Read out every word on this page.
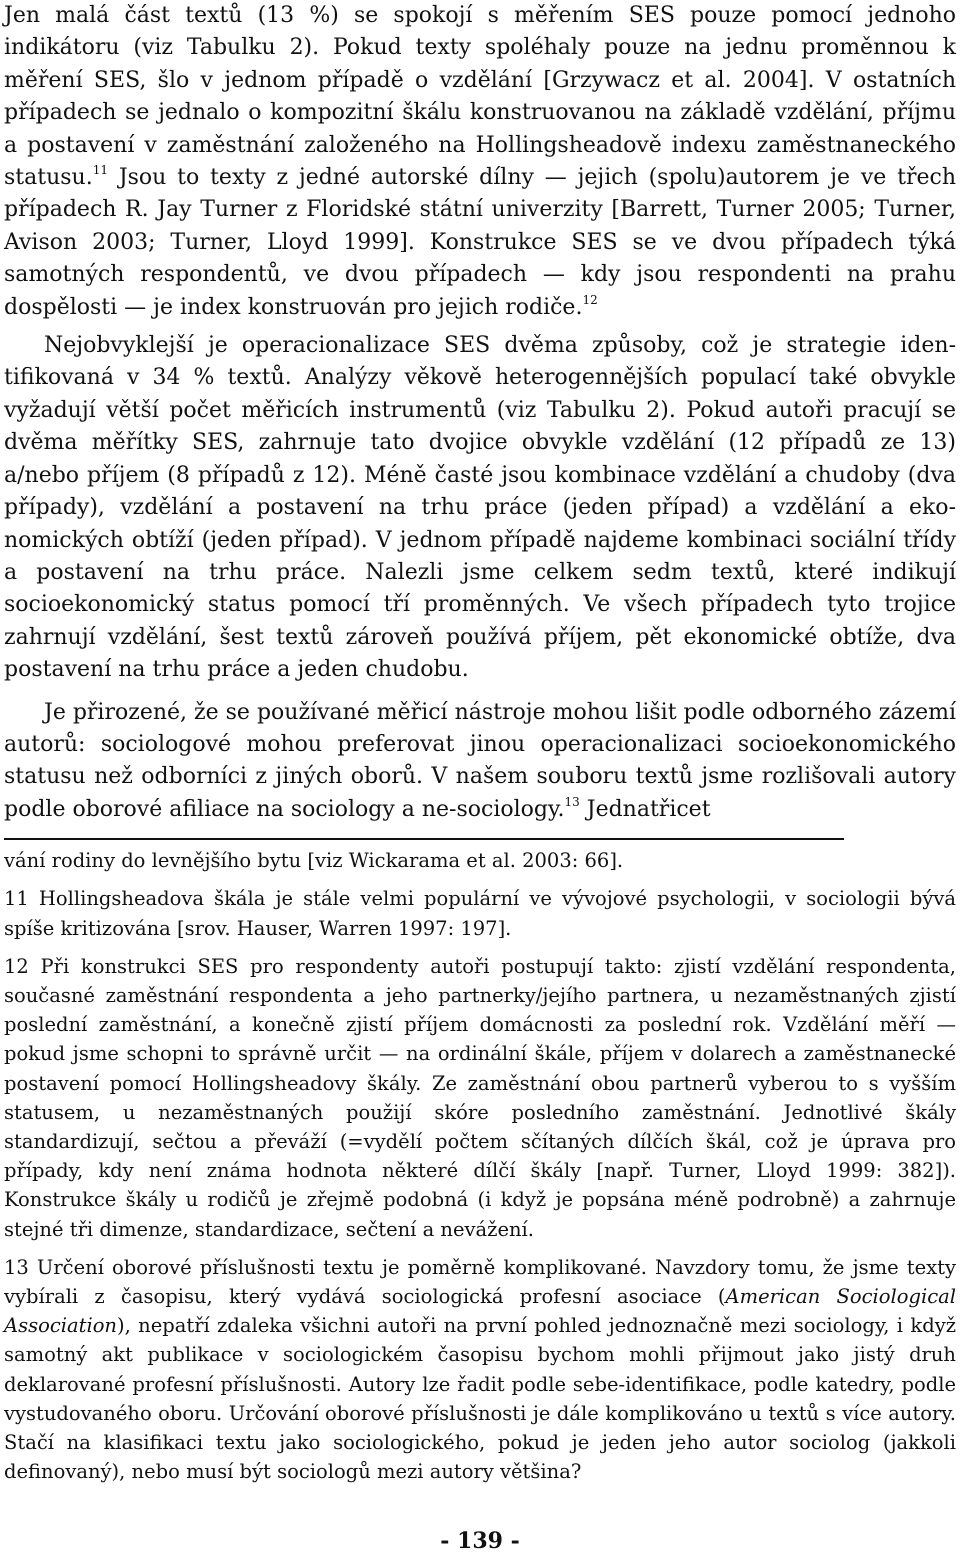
Jen malá část textů (13 %) se spokojí s měřením SES pouze pomocí jednoho indikátoru (viz Tabulku 2). Pokud texty spoléhaly pouze na jednu proměnnou k měření SES, šlo v jednom případě o vzdělání [Grzywacz et al. 2004]. V ostatních případech se jednalo o kompozitní škálu konstruovanou na základě vzdělání, příjmu a postavení v zaměstnání založeného na Hollingsheadově indexu zaměstnaneckého statusu.$^{11}$ Jsou to texty z jedné autorské dílny — jejich (spolu)autorem je ve třech případech R. Jay Turner z Floridské státní univerzity [Barrett, Turner 2005; Turner, Avison 2003; Turner, Lloyd 1999]. Konstrukce SES se ve dvou případech týká samotných respondentů, ve dvou případech — kdy jsou respondenti na prahu dospělosti — je index konstruován pro jejich rodiče.$^{12}$

Nejobvyklejší je operacionalizace SES dvěma způsoby, což je strategie identifikovaná v 34 % textů. Analýzy věkově heterogennějších populací také obvykle vyžadují větší počet měřicích instrumentů (viz Tabulku 2). Pokud autoři pracují se dvěma měřítky SES, zahrnuje tato dvojice obvykle vzdělání (12 případů ze 13) a/nebo příjem (8 případů z 12). Méně časté jsou kombinace vzdělání a chudoby (dva případy), vzdělání a postavení na trhu práce (jeden případ) a vzdělání a ekonomických obtíží (jeden případ). V jednom případě najdeme kombinaci sociální třídy a postavení na trhu práce. Nalezli jsme celkem sedm textů, které indikují socioekonomický status pomocí tří proměnných. Ve všech případech tyto trojice zahrnují vzdělání, šest textů zároveň používá příjem, pět ekonomické obtíže, dva postavení na trhu práce a jeden chudobu.

Je přirozené, že se používané měřicí nástroje mohou lišit podle odborného zázemí autorů: sociologové mohou preferovat jinou operacionalizaci socioekonomického statusu než odborníci z jiných oborů. V našem souboru textů jsme rozlišovali autory podle oborové afiliace na sociology a ne-sociology.$^{13}$ Jednatřicet

vání rodiny do levnějšího bytu [viz Wickarama et al. 2003: 66].

11 Hollingsheadova škála je stále velmi populární ve vývojové psychologii, v sociologii bývá spíše kritizována [srov. Hauser, Warren 1997: 197].

12 Při konstrukci SES pro respondenty autoři postupují takto: zjistí vzdělání respondenta, současné zaměstnání respondenta a jeho partnerky/jejího partnera, u nezaměstnaných zjistí poslední zaměstnání, a konečně zjistí příjem domácnosti za poslední rok. Vzdělání měří — pokud jsme schopni to správně určit — na ordinální škále, příjem v dolarech a zaměstnanecké postavení pomocí Hollingsheadovy škály. Ze zaměstnání obou partnerů vyberou to s vyšším statusem, u nezaměstnaných použijí skóre posledního zaměstnání. Jednotlivé škály standardizují, sečtou a převáží (=vydělí počtem sčítaných dílčích škál, což je úprava pro případy, kdy není známa hodnota některé dílčí škály [např. Turner, Lloyd 1999: 382]). Konstrukce škály u rodičů je zřejmě podobná (i když je popsána méně podrobně) a zahrnuje stejné tři dimenze, standardizace, sečtení a nevážení.

13 Určení oborové příslušnosti textu je poměrně komplikované. Navzdory tomu, že jsme texty vybírali z časopisu, který vydává sociologická profesní asociace (American Sociological Association), nepatří zdaleka všichni autoři na první pohled jednoznačně mezi sociology, i když samotný akt publikace v sociologickém časopisu bychom mohli přijmout jako jistý druh deklarované profesní příslušnosti. Autory lze řadit podle sebe-identifikace, podle katedry, podle vystudovaného oboru. Určování oborové příslušnosti je dále komplikováno u textů s více autory. Stačí na klasifikaci textu jako sociologického, pokud je jeden jeho autor sociolog (jakkoli definovaný), nebo musí být sociologů mezi autory většina?

- 139 -
